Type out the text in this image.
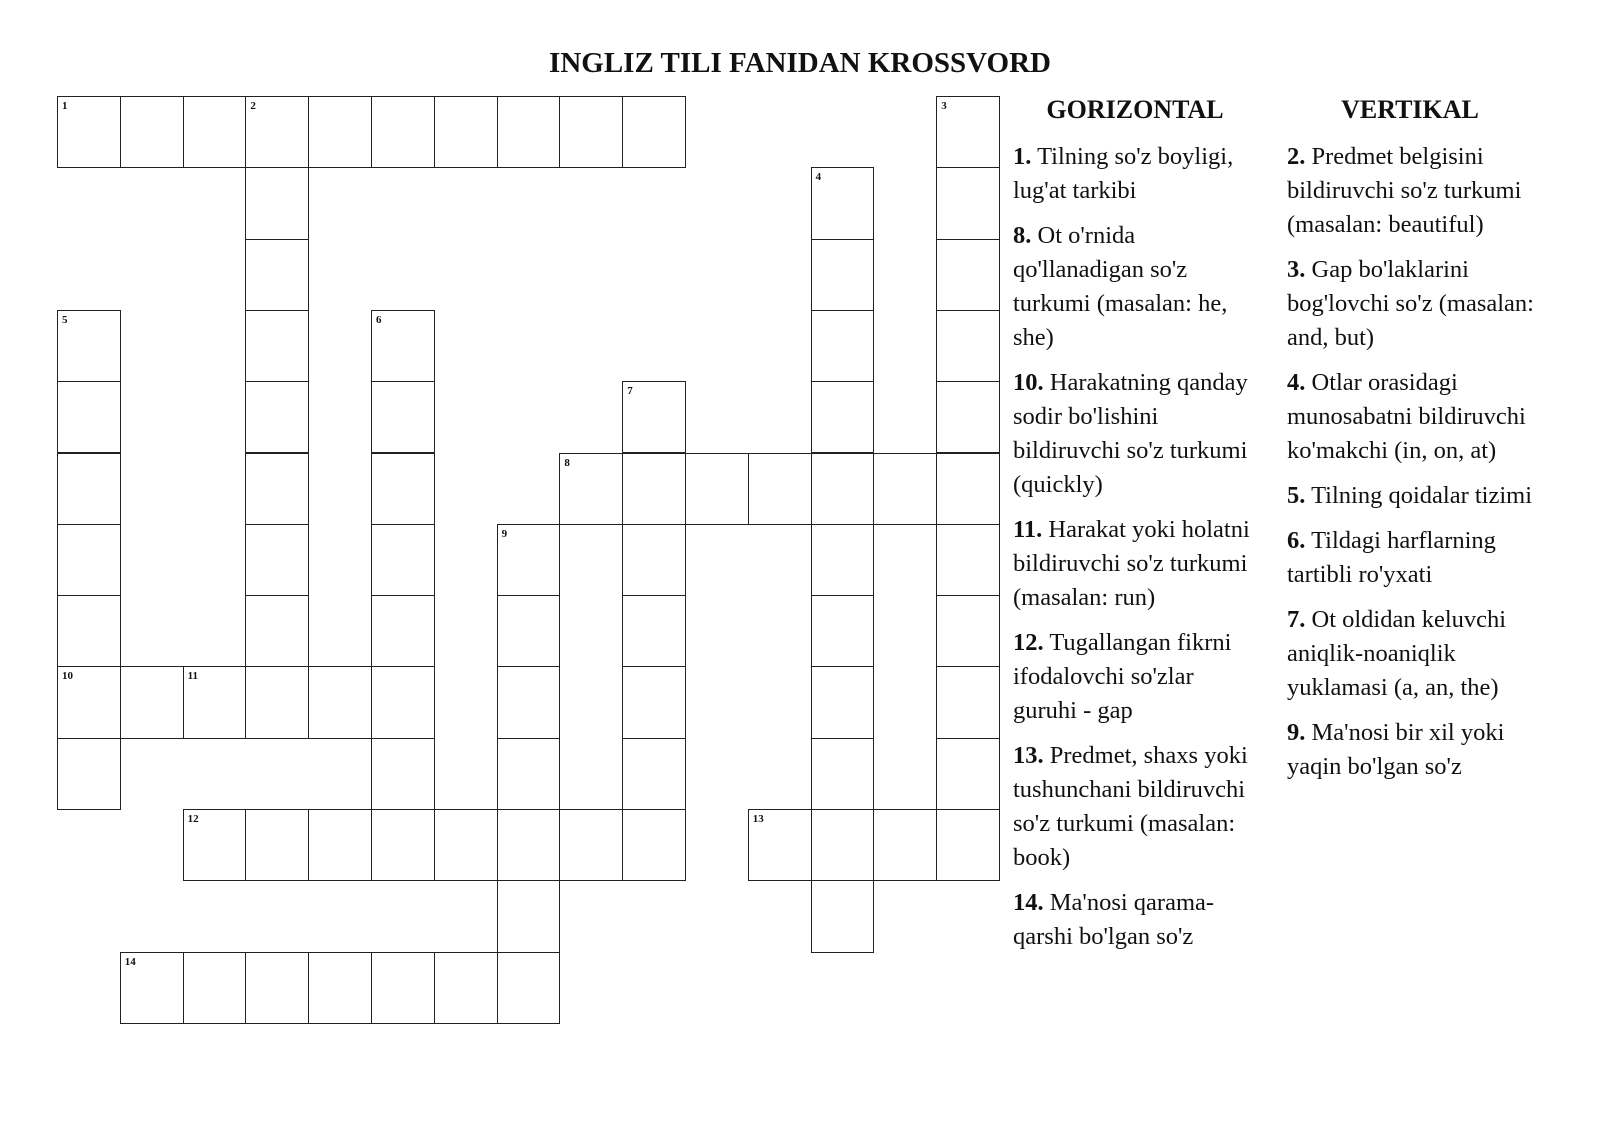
INGLIZ TILI FANIDAN KROSSVORD
1	2	3
4
5
10
6
7
8
9
11
12	13
14
GORIZONTAL	VERTIKAL
1. Tilning so'z boyligi, lug'at tarkibi
8. Ot o'rnida qo'llanadigan so'z turkumi (masalan: he, she)
10. Harakatning qanday sodir bo'lishini bildiruvchi so'z turkumi (quickly)
11. Harakat yoki holatni bildiruvchi so'z turkumi (masalan: run)
12. Tugallangan fikrni ifodalovchi so'zlar guruhi - gap
13. Predmet, shaxs yoki tushunchani bildiruvchi so'z turkumi (masalan: book)
14. Ma'nosi qarama-qarshi bo'lgan so'z
2. Predmet belgisini bildiruvchi so'z turkumi (masalan: beautiful)
3. Gap bo'laklarini bog'lovchi so'z (masalan: and, but)
4. Otlar orasidagi munosabatni bildiruvchi ko'makchi (in, on, at)
5. Tilning qoidalar tizimi
6. Tildagi harflarning tartibli ro'yxati
7. Ot oldidan keluvchi aniqlik-noaniqlik yuklamasi (a, an, the)
9. Ma'nosi bir xil yoki yaqin bo'lgan so'z
